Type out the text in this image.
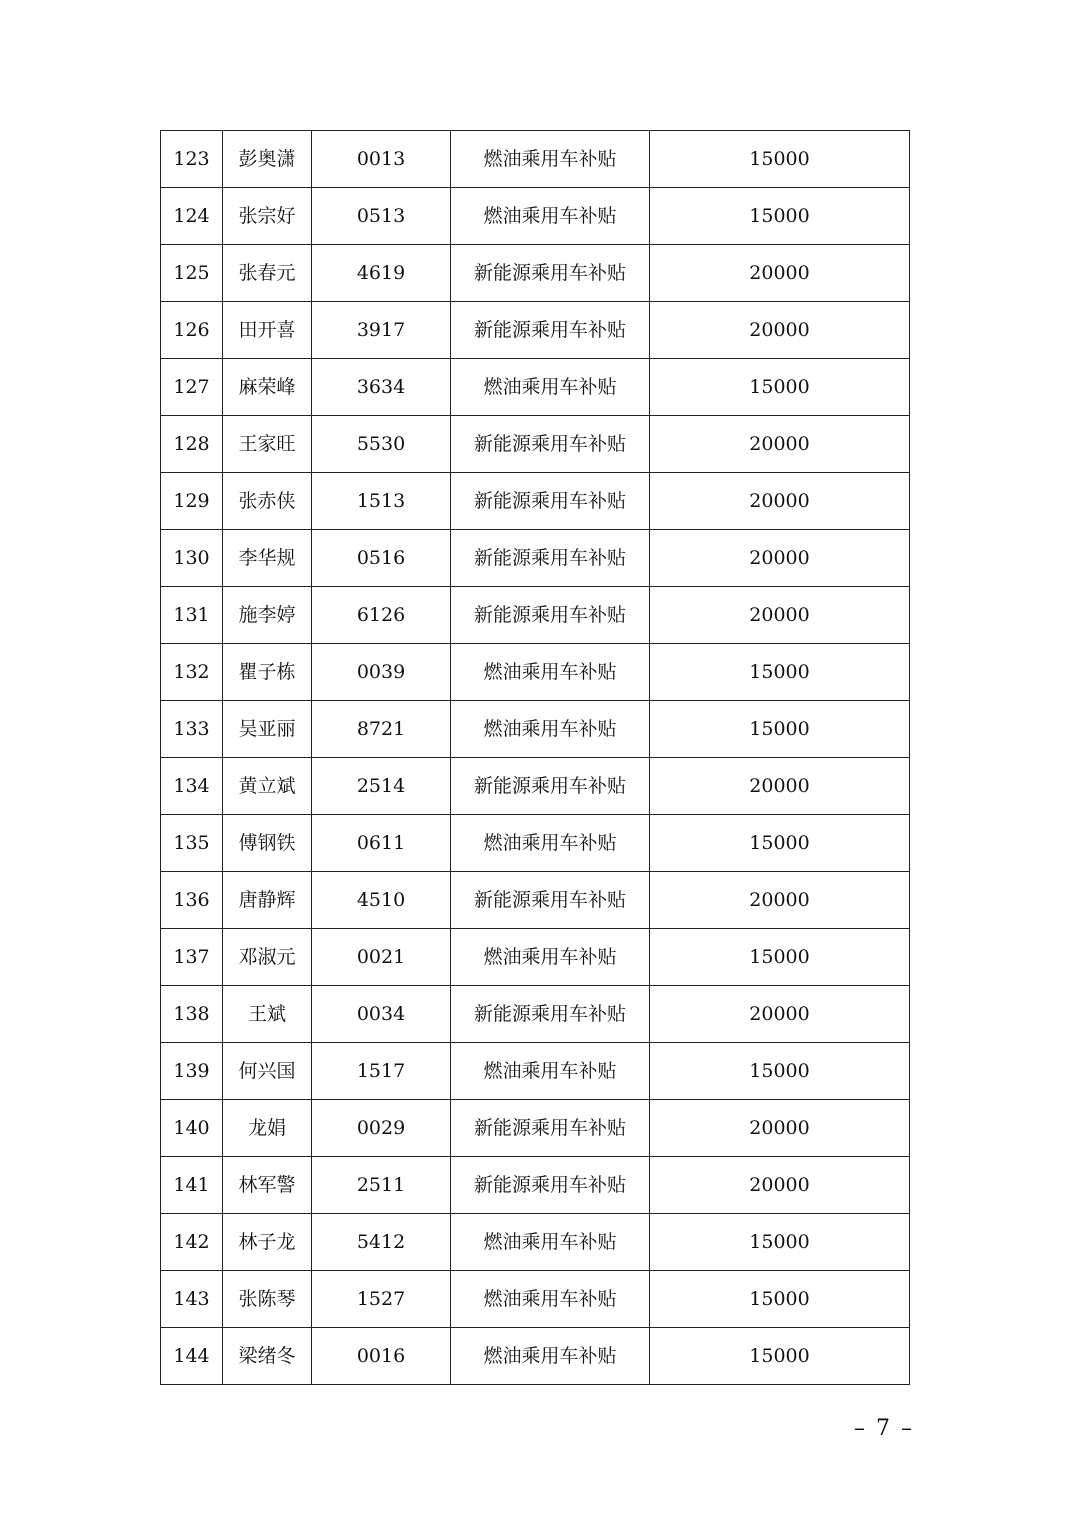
123	彭奥潇	0013	燃油乘用车补贴	15000
124	张宗好	0513	燃油乘用车补贴	15000
125	张春元	4619	新能源乘用车补贴	20000
126	田开喜	3917	新能源乘用车补贴	20000
127	麻荣峰	3634	燃油乘用车补贴	15000
128	王家旺	5530	新能源乘用车补贴	20000
129	张赤侠	1513	新能源乘用车补贴	20000
130	李华规	0516	新能源乘用车补贴	20000
131	施李婷	6126	新能源乘用车补贴	20000
132	瞿子栋	0039	燃油乘用车补贴	15000
133	吴亚丽	8721	燃油乘用车补贴	15000
134	黄立斌	2514	新能源乘用车补贴	20000
135	傅钢铁	0611	燃油乘用车补贴	15000
136	唐静辉	4510	新能源乘用车补贴	20000
137	邓淑元	0021	燃油乘用车补贴	15000
138	王斌	0034	新能源乘用车补贴	20000
139	何兴国	1517	燃油乘用车补贴	15000
140	龙娟	0029	新能源乘用车补贴	20000
141	林军警	2511	新能源乘用车补贴	20000
142	林子龙	5412	燃油乘用车补贴	15000
143	张陈琴	1527	燃油乘用车补贴	15000
144	梁绪冬	0016	燃油乘用车补贴	15000
– 7 –
